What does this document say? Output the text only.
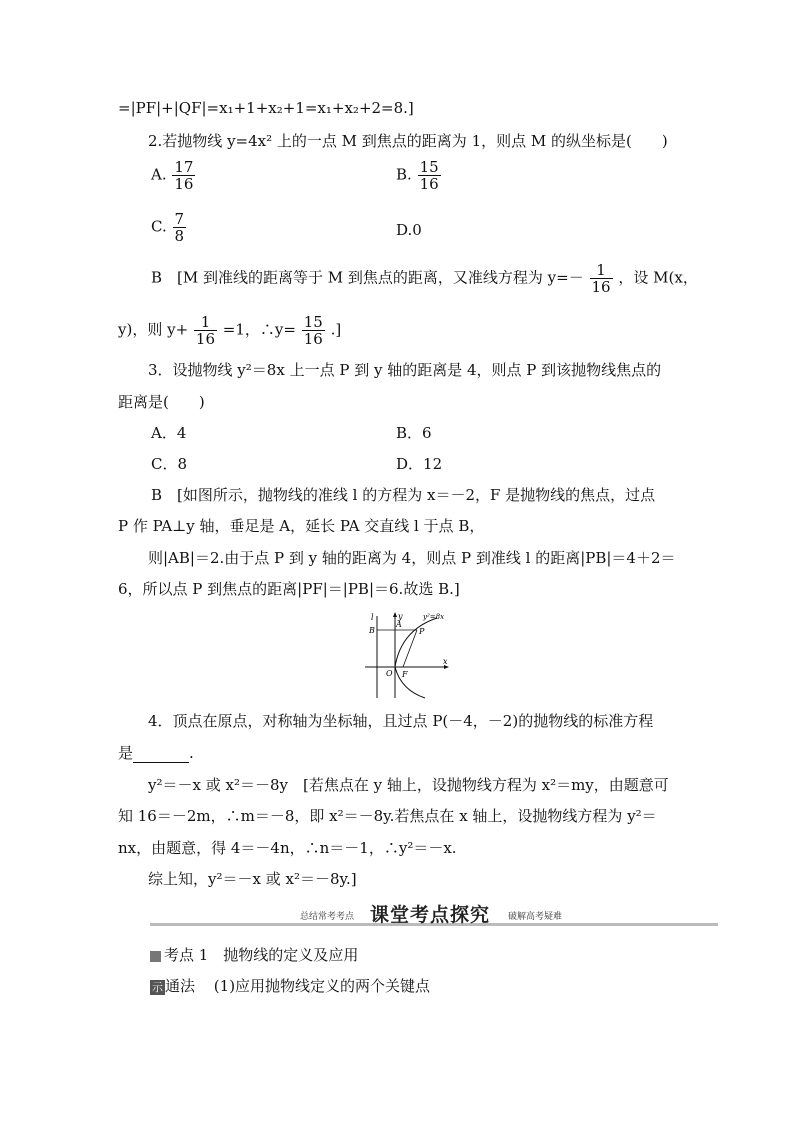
=|PF|+|QF|=x₁+1+x₂+1=x₁+x₂+2=8.]
2.若抛物线 y=4x² 上的一点 M 到焦点的距离为 1，则点 M 的纵坐标是(　　)
A. $\frac{17}{16}$	B. $\frac{15}{16}$
C. $\frac{7}{8}$	D.0
B　[M 到准线的距离等于 M 到焦点的距离，又准线方程为 $y=- \frac{1}{16}$ ，设 M(x，
y)，则 $y+ \frac{1}{16} =1$，∴y= $\frac{15}{16}$ .]
3．设抛物线 y²＝8x 上一点 P 到 y 轴的距离是 4，则点 P 到该抛物线焦点的
距离是(　　)
A．4	B．6
C．8	D．12
B　[如图所示，抛物线的准线 l 的方程为 x＝－2，F 是抛物线的焦点，过点
P 作 PA⊥y 轴，垂足是 A，延长 PA 交直线 l 于点 B，
则|AB|＝2.由于点 P 到 y 轴的距离为 4，则点 P 到准线 l 的距离|PB|＝4＋2＝
6，所以点 P 到焦点的距离|PF|＝|PB|＝6.故选 B.]
l	y	y²=8x
B
A
P
O F
x
4．顶点在原点，对称轴为坐标轴，且过点 P(－4，－2)的抛物线的标准方程
是	.
y²＝－x 或 x²＝－8y　[若焦点在 y 轴上，设抛物线方程为 x²＝my，由题意可
知 16＝－2m，∴m＝－8，即 x²＝－8y.若焦点在 x 轴上，设抛物线方程为 y²＝
nx，由题意，得 4＝－4n，∴n＝－1，∴y²＝－x.
综上知，y²＝－x 或 x²＝－8y.]
总结常考考点 课堂考点探究 破解高考疑难
考点 1　抛物线的定义及应用
示 通法 (1)应用抛物线定义的两个关键点
